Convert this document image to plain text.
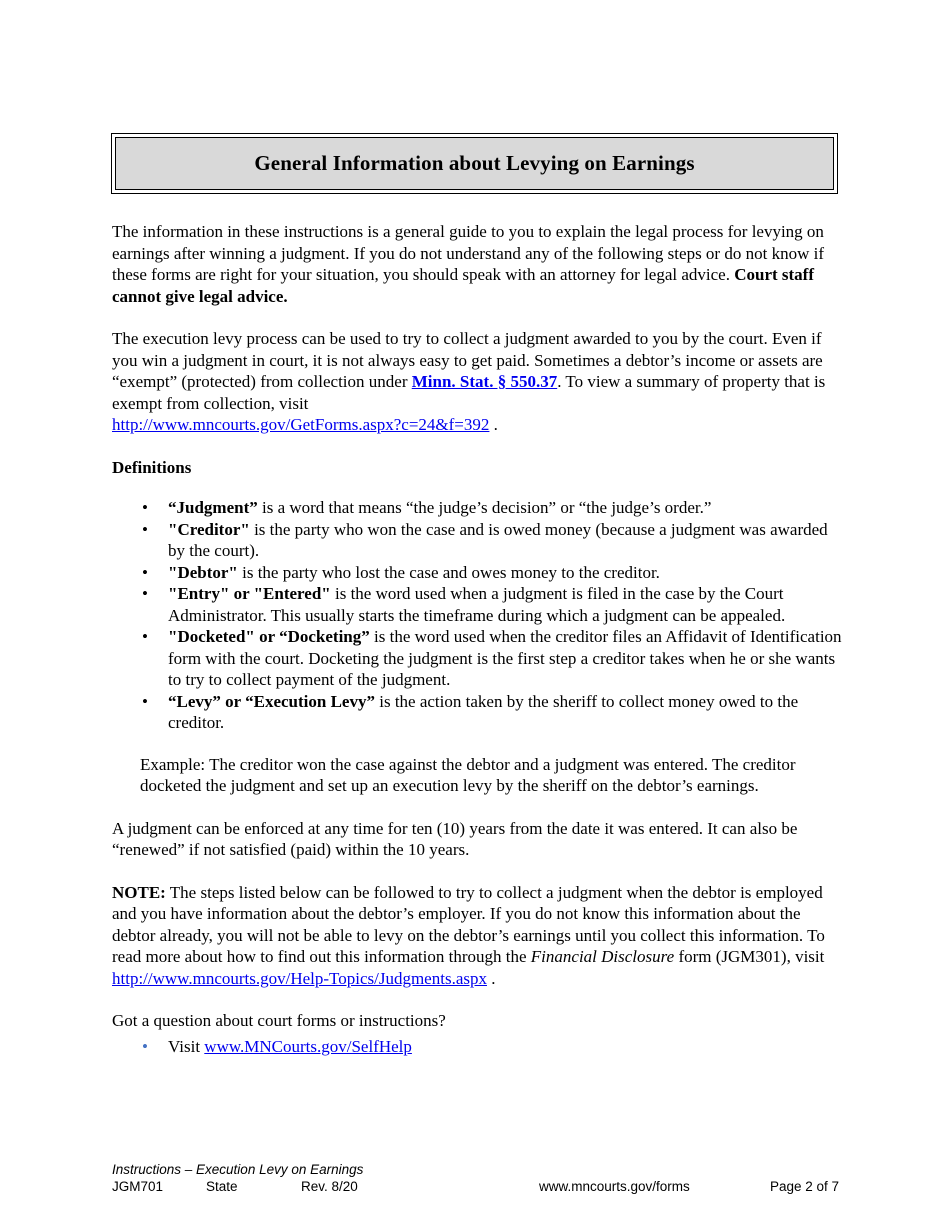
General Information about Levying on Earnings

The information in these instructions is a general guide to you to explain the legal process for levying on earnings after winning a judgment. If you do not understand any of the following steps or do not know if these forms are right for your situation, you should speak with an attorney for legal advice. Court staff cannot give legal advice.

The execution levy process can be used to try to collect a judgment awarded to you by the court. Even if you win a judgment in court, it is not always easy to get paid. Sometimes a debtor’s income or assets are “exempt” (protected) from collection under Minn. Stat. § 550.37. To view a summary of property that is exempt from collection, visit
http://www.mncourts.gov/GetForms.aspx?c=24&f=392 .

Definitions
• “Judgment” is a word that means “the judge’s decision” or “the judge’s order.”
• "Creditor" is the party who won the case and is owed money (because a judgment was awarded by the court).
• "Debtor" is the party who lost the case and owes money to the creditor.
• "Entry" or "Entered" is the word used when a judgment is filed in the case by the Court Administrator. This usually starts the timeframe during which a judgment can be appealed.
• "Docketed" or “Docketing” is the word used when the creditor files an Affidavit of Identification form with the court. Docketing the judgment is the first step a creditor takes when he or she wants to try to collect payment of the judgment.
• “Levy” or “Execution Levy” is the action taken by the sheriff to collect money owed to the creditor.

Example: The creditor won the case against the debtor and a judgment was entered. The creditor docketed the judgment and set up an execution levy by the sheriff on the debtor’s earnings.

A judgment can be enforced at any time for ten (10) years from the date it was entered. It can also be “renewed” if not satisfied (paid) within the 10 years.

NOTE: The steps listed below can be followed to try to collect a judgment when the debtor is employed and you have information about the debtor’s employer. If you do not know this information about the debtor already, you will not be able to levy on the debtor’s earnings until you collect this information. To read more about how to find out this information through the Financial Disclosure form (JGM301), visit http://www.mncourts.gov/Help-Topics/Judgments.aspx .

Got a question about court forms or instructions?

• Visit www.MNCourts.gov/SelfHelp
Instructions – Execution Levy on Earnings
JGM701	State	Rev. 8/20	www.mncourts.gov/forms	Page 2 of 7
